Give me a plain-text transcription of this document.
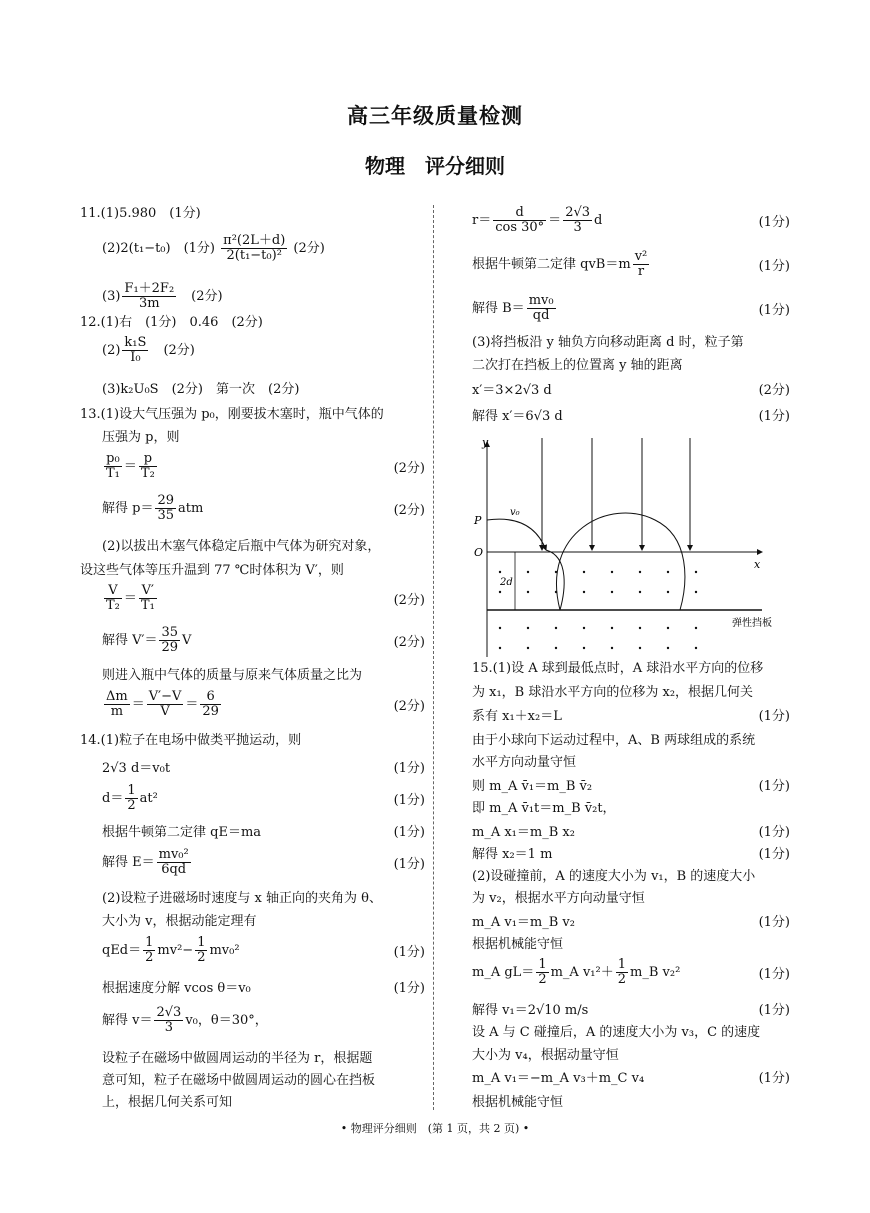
高三年级质量检测
物理　评分细则
11.(1)5.980　(1分)
(2)2(t₁−t₀)　(1分) $\frac{\text{π²(2L＋d)}}{\text{2(t₁−t₀)²}} (2$分)
$(3) \frac{\text{F₁＋2F₂}}{3m}$
　 (2分)
12.(1)右　(1分)　0.46　(2分)
$(2) \frac{\text{k₁S}}{\text{I₀}}$
　 (2分)
(3)k₂U₀S　(2分)　第一次　(2分)
13.(1)设大气压强为 p₀，刚要拔木塞时，瓶中气体的
压强为 p，则
$\frac{\text{p₀}}{\text{T₁}} = \frac{p}{\text{T₂}}$	(2分)
解得 $p= \frac{29}{35}$ atm	(2分)
(2)以拔出木塞气体稳定后瓶中气体为研究对象，
设这些气体等压升温到 77 ℃时体积为 V′，则
$\frac{V}{\text{T₂}} = \frac{V'}{\text{T₁}}$	(2分)
解得 $V'= \frac{35}{29}$ V	(2分)
则进入瓶中气体的质量与原来气体质量之比为
$\frac{\Delta m}{m} = \frac{V'-V}{V} = \frac{6}{29}$	(2分)
14.(1)粒子在电场中做类平抛运动，则
2√3 d＝v₀t	(1分)
$d= \frac{1}{2} at^2$	(1分)
根据牛顿第二定律 qE＝ma	(1分)
解得 $E= \frac{\text{mv₀²}}{6qd}$	(1分)
(2)设粒子进磁场时速度与 x 轴正向的夹角为 θ、
大小为 v，根据动能定理有
$qEd= \frac{1}{2} mv^2- \frac{1}{2} mv_0^2$	(1分)
根据速度分解 vcos θ＝v₀	(1分)
解得 $v= \frac{2√3}{3} v_0$，θ＝30°，
设粒子在磁场中做圆周运动的半径为 r，根据题
意可知，粒子在磁场中做圆周运动的圆心在挡板
上，根据几何关系可知
$r= \frac{d}{\cos 30^\circ} = \frac{2√3}{3}$ d	(1分)
根据牛顿第二定律 $qvB=m \frac{\text{v²}}{r}$	(1分)
解得 $B= \frac{\text{mv₀}}{qd}$	(1分)
(3)将挡板沿 y 轴负方向移动距离 d 时，粒子第
二次打在挡板上的位置离 y 轴的距离
x′＝3×2√3 d	(2分)
解得 x′＝6√3 d	(1分)
y
x
O
P
v₀
弹性挡板
2d
15.(1)设 A 球到最低点时，A 球沿水平方向的位移
为 x₁，B 球沿水平方向的位移为 x₂，根据几何关
系有 x₁＋x₂＝L	(1分)
由于小球向下运动过程中，A、B 两球组成的系统
水平方向动量守恒
则 m_A v̄₁＝m_B v̄₂	(1分)
即 m_A v̄₁t＝m_B v̄₂t，
m_A x₁＝m_B x₂	(1分)
解得 x₂＝1 m	(1分)
(2)设碰撞前，A 的速度大小为 v₁，B 的速度大小
为 v₂，根据水平方向动量守恒
m_A v₁＝m_B v₂	(1分)
根据机械能守恒
m_A $gL= \frac{1}{2}$ m_A $v_1^2+ \frac{1}{2}$ m_B v₂²	(1分)
解得 v₁＝2√10 m/s	(1分)
设 A 与 C 碰撞后，A 的速度大小为 v₃，C 的速度
大小为 v₄，根据动量守恒
m_A v₁＝−m_A v₃＋m_C v₄	(1分)
根据机械能守恒
• 物理评分细则　(第 1 页，共 2 页) •
